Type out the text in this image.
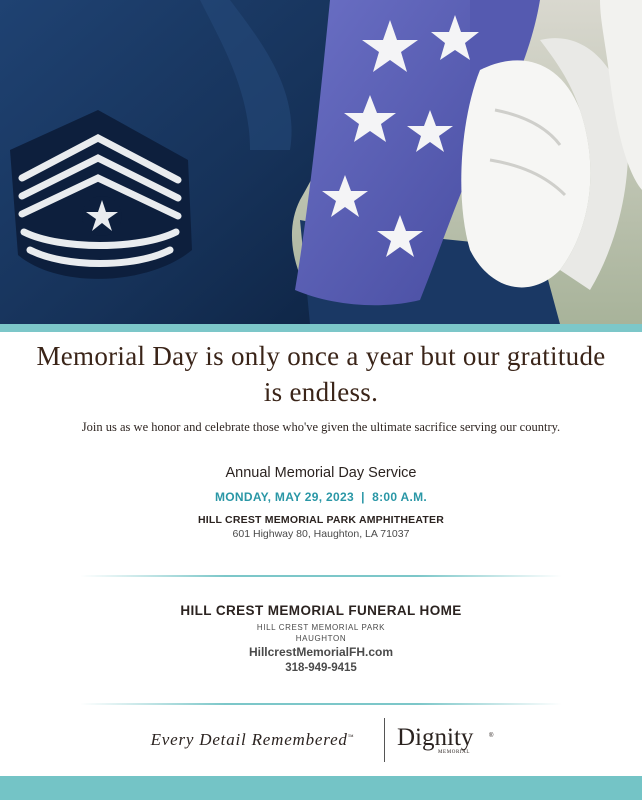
Memorial Day is only once a year but our gratitude is endless.

Join us as we honor and celebrate those who've given the ultimate sacrifice serving our country.

Annual Memorial Day Service

MONDAY, MAY 29, 2023  |  8:00 A.M.

HILL CREST MEMORIAL PARK AMPHITHEATER

601 Highway 80, Haughton, LA 71037

HILL CREST MEMORIAL FUNERAL HOME

HILL CREST MEMORIAL PARK

HAUGHTON

HillcrestMemorialFH.com

318-949-9415

Every Detail Remembered™	Dignity	®

MEMORIAL
